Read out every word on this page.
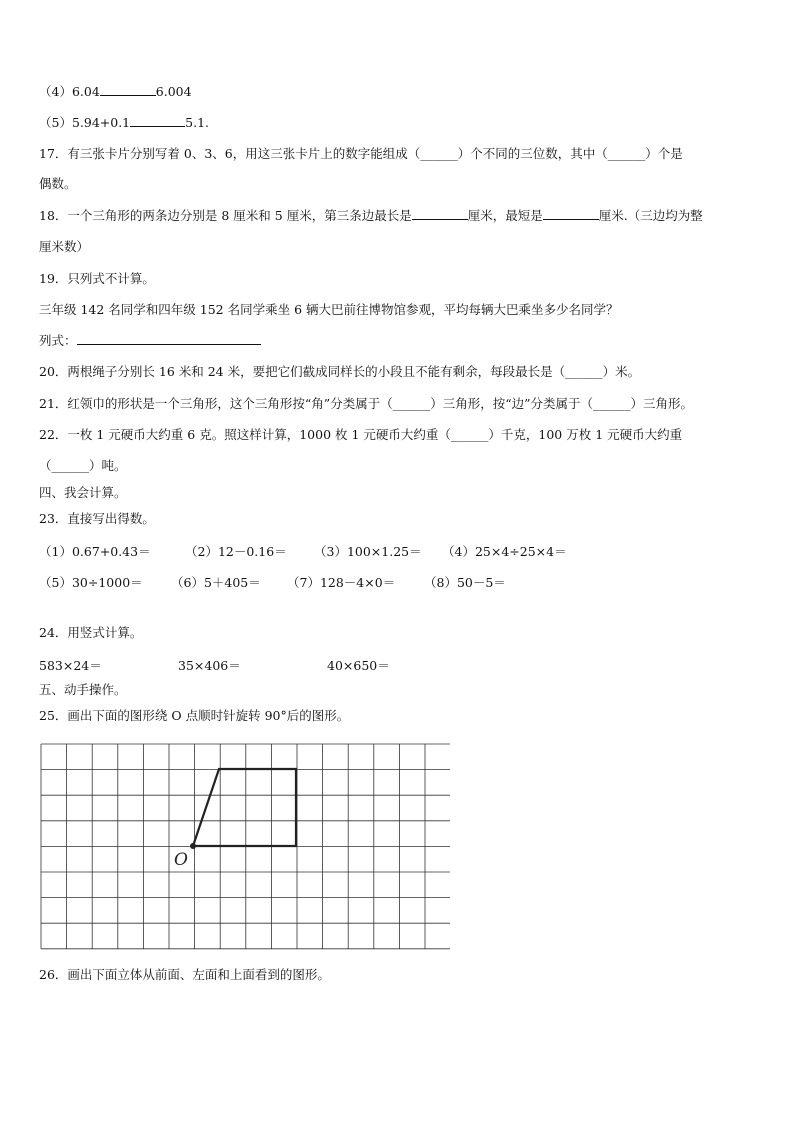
（4）6.04	6.004
（5）5.94+0.1	5.1.
17．有三张卡片分别写着 0、3、6，用这三张卡片上的数字能组成（______）个不同的三位数，其中（______）个是
偶数。
18．一个三角形的两条边分别是 8 厘米和 5 厘米，第三条边最长是	厘米，最短是	厘米.（三边均为整
厘米数）
19．只列式不计算。
三年级 142 名同学和四年级 152 名同学乘坐 6 辆大巴前往博物馆参观，平均每辆大巴乘坐多少名同学？
列式：
20．两根绳子分别长 16 米和 24 米，要把它们截成同样长的小段且不能有剩余，每段最长是（______）米。
21．红领巾的形状是一个三角形，这个三角形按“角”分类属于（______）三角形，按“边”分类属于（______）三角形。
22．一枚 1 元硬币大约重 6 克。照这样计算，1000 枚 1 元硬币大约重（______）千克，100 万枚 1 元硬币大约重
（______）吨。
四、我会计算。
23．直接写出得数。
（1）0.67+0.43＝	（2）12－0.16＝ （3）100×1.25＝ （4）25×4÷25×4＝
（5）30÷1000＝ （6）5＋405＝ （7）128－4×0＝ （8）50－5＝
24．用竖式计算。
583×24＝	35×406＝	40×650＝
五、动手操作。
25．画出下面的图形绕 O 点顺时针旋转 90°后的图形。
O
26．画出下面立体从前面、左面和上面看到的图形。
